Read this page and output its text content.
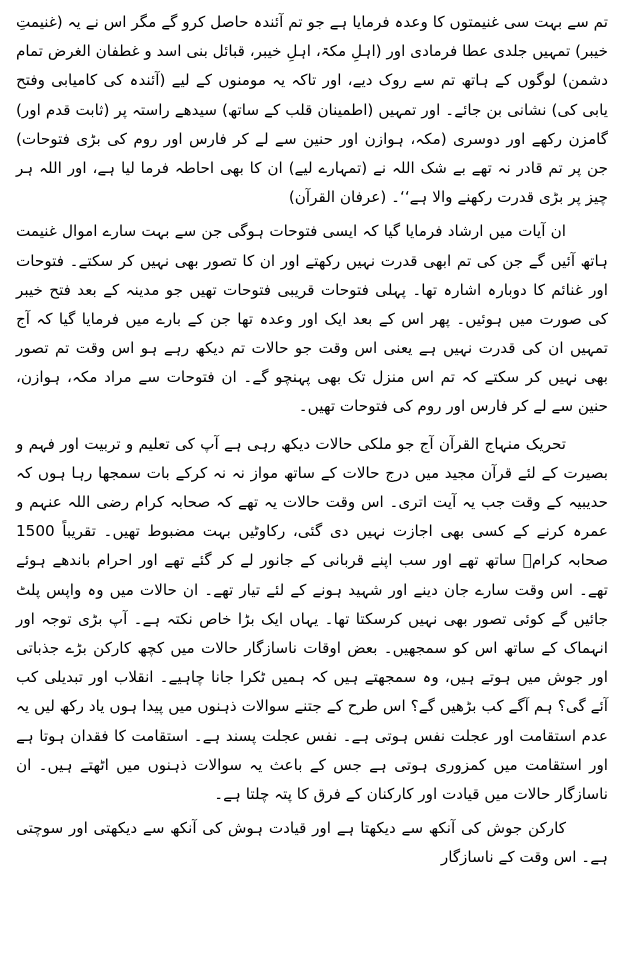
تم سے بہت سی غنیمتوں کا وعدہ فرمایا ہے جو تم آئندہ حاصل کرو گے مگر اس نے یہ (غنیمتِ خیبر) تمہیں جلدی عطا فرمادی اور (اہلِ مکۃ، اہلِ خیبر، قبائل بنی اسد و غطفان الغرض تمام دشمن) لوگوں کے ہاتھ تم سے روک دیے، اور تاکہ یہ مومنوں کے لیے (آئندہ کی کامیابی وفتح یابی کی) نشانی بن جائے۔ اور تمہیں (اطمینان قلب کے ساتھ) سیدھے راستہ پر (ثابت قدم اور) گامزن رکھے اور دوسری (مکہ، ہوازن اور حنین سے لے کر فارس اور روم کی بڑی فتوحات) جن پر تم قادر نہ تھے بے شک اللہ نے (تمہارے لیے) ان کا بھی احاطہ فرما لیا ہے، اور اللہ ہر چیز پر بڑی قدرت رکھنے والا ہے‘‘۔ (عرفان القرآن)

ان آیات میں ارشاد فرمایا گیا کہ ایسی فتوحات ہوگی جن سے بہت سارے اموال غنیمت ہاتھ آئیں گے جن کی تم ابھی قدرت نہیں رکھتے اور ان کا تصور بھی نہیں کر سکتے۔ فتوحات اور غنائم کا دوبارہ اشارہ تھا۔ پہلی فتوحات قریبی فتوحات تھیں جو مدینہ کے بعد فتح خیبر کی صورت میں ہوئیں۔ پھر اس کے بعد ایک اور وعدہ تھا جن کے بارے میں فرمایا گیا کہ آج تمہیں ان کی قدرت نہیں ہے یعنی اس وقت جو حالات تم دیکھ رہے ہو اس وقت تم تصور بھی نہیں کر سکتے کہ تم اس منزل تک بھی پہنچو گے۔ ان فتوحات سے مراد مکہ، ہوازن، حنین سے لے کر فارس اور روم کی فتوحات تھیں۔

تحریک منہاج القرآن آج جو ملکی حالات دیکھ رہی ہے آپ کی تعلیم و تربیت اور فہم و بصیرت کے لئے قرآن مجید میں درج حالات کے ساتھ مواز نہ نہ کرکے بات سمجھا رہا ہوں کہ حدیبیہ کے وقت جب یہ آیت اتری۔ اس وقت حالات یہ تھے کہ صحابہ کرام رضی اللہ عنہم و عمرہ کرنے کے کسی بھی اجازت نہیں دی گئی، رکاوٹیں بہت مضبوط تھیں۔ تقریباً 1500 صحابہ کرامؓ ساتھ تھے اور سب اپنے قربانی کے جانور لے کر گئے تھے اور احرام باندھے ہوئے تھے۔ اس وقت سارے جان دینے اور شہید ہونے کے لئے تیار تھے۔ ان حالات میں وہ واپس پلٹ جائیں گے کوئی تصور بھی نہیں کرسکتا تھا۔ یہاں ایک بڑا خاص نکتہ ہے۔ آپ بڑی توجہ اور انہماک کے ساتھ اس کو سمجھیں۔ بعض اوقات ناسازگار حالات میں کچھ کارکن بڑے جذباتی اور جوش میں ہوتے ہیں، وہ سمجھتے ہیں کہ ہمیں ٹکرا جانا چاہیے۔ انقلاب اور تبدیلی کب آئے گی؟ ہم آگے کب بڑھیں گے؟ اس طرح کے جتنے سوالات ذہنوں میں پیدا ہوں یاد رکھ لیں یہ عدم استقامت اور عجلت نفس ہوتی ہے۔ نفس عجلت پسند ہے۔ استقامت کا فقدان ہوتا ہے اور استقامت میں کمزوری ہوتی ہے جس کے باعث یہ سوالات ذہنوں میں اٹھتے ہیں۔ ان ناسازگار حالات میں قیادت اور کارکنان کے فرق کا پتہ چلتا ہے۔

کارکن جوش کی آنکھ سے دیکھتا ہے اور قیادت ہوش کی آنکھ سے دیکھتی اور سوچتی ہے۔ اس وقت کے ناسازگار
